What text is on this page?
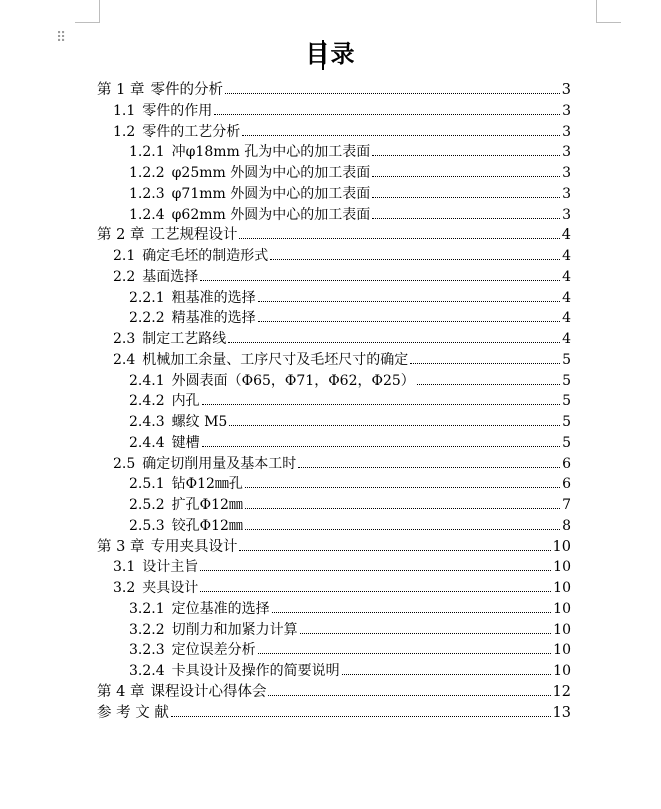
⠿
目录
第 1 章 零件的分析	3
1.1 零件的作用	3
1.2 零件的工艺分析	3
1.2.1 冲φ18mm 孔为中心的加工表面	3
1.2.2 φ25mm 外圆为中心的加工表面	3
1.2.3 φ71mm 外圆为中心的加工表面	3
1.2.4 φ62mm 外圆为中心的加工表面	3
第 2 章 工艺规程设计	4
2.1 确定毛坯的制造形式	4
2.2 基面选择	4
2.2.1 粗基准的选择	4
2.2.2 精基准的选择	4
2.3 制定工艺路线	4
2.4 机械加工余量、工序尺寸及毛坯尺寸的确定	5
2.4.1 外圆表面（Φ65，Φ71，Φ62，Φ25）	5
2.4.2 内孔	5
2.4.3 螺纹 M5	5
2.4.4 键槽	5
2.5 确定切削用量及基本工时	6
2.5.1 钻Φ12㎜孔	6
2.5.2 扩孔Φ12㎜	7
2.5.3 铰孔Φ12㎜	8
第 3 章 专用夹具设计	10
3.1 设计主旨	10
3.2 夹具设计	10
3.2.1 定位基准的选择	10
3.2.2 切削力和加紧力计算	10
3.2.3 定位误差分析	10
3.2.4 卡具设计及操作的简要说明	10
第 4 章 课程设计心得体会	12
参 考 文 献	13
